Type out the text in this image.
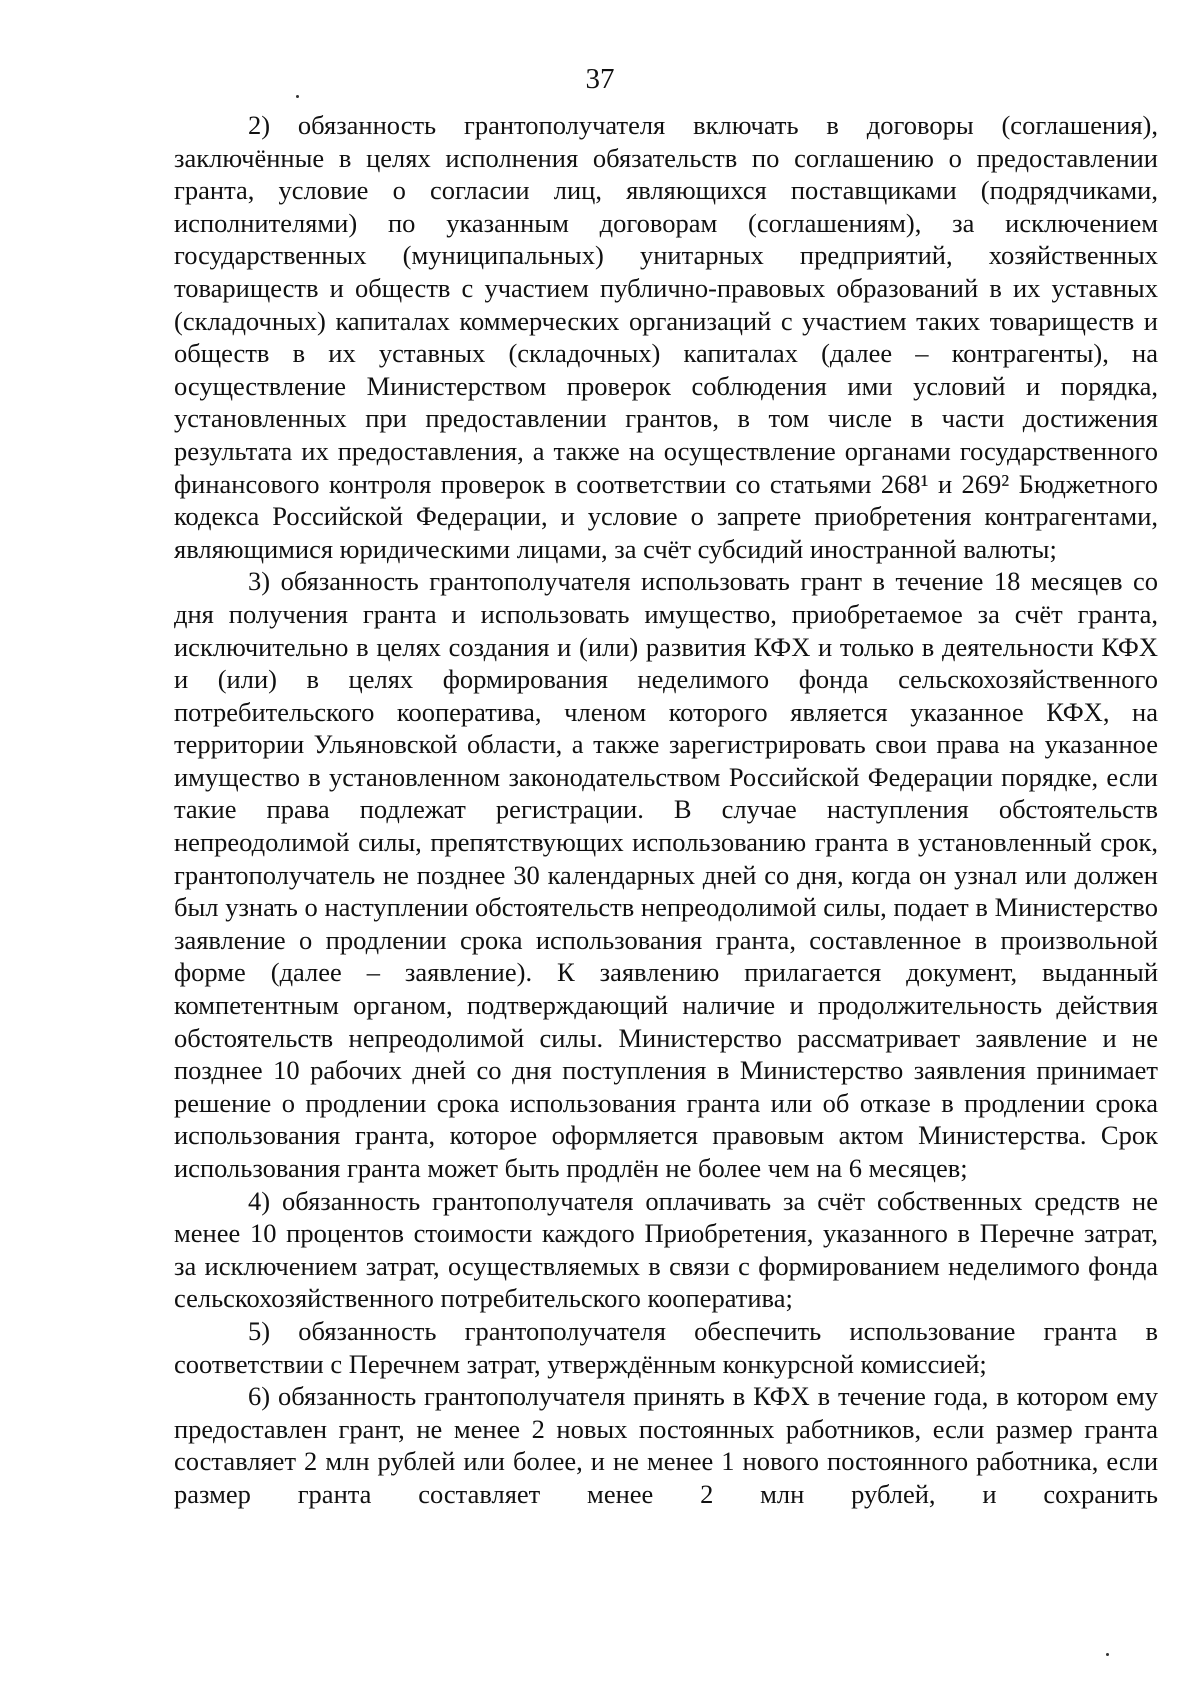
37

2) обязанность грантополучателя включать в договоры (соглашения), заключённые в целях исполнения обязательств по соглашению о предоставлении гранта, условие о согласии лиц, являющихся поставщиками (подрядчиками, исполнителями) по указанным договорам (соглашениям), за исключением государственных (муниципальных) унитарных предприятий, хозяйственных товариществ и обществ с участием публично-правовых образований в их уставных (складочных) капиталах коммерческих организаций с участием таких товариществ и обществ в их уставных (складочных) капиталах (далее – контрагенты), на осуществление Министерством проверок соблюдения ими условий и порядка, установленных при предоставлении грантов, в том числе в части достижения результата их предоставления, а также на осуществление органами государственного финансового контроля проверок в соответствии со статьями 268¹ и 269² Бюджетного кодекса Российской Федерации, и условие о запрете приобретения контрагентами, являющимися юридическими лицами, за счёт субсидий иностранной валюты;

3) обязанность грантополучателя использовать грант в течение 18 месяцев со дня получения гранта и использовать имущество, приобретаемое за счёт гранта, исключительно в целях создания и (или) развития КФХ и только в деятельности КФХ и (или) в целях формирования неделимого фонда сельскохозяйственного потребительского кооператива, членом которого является указанное КФХ, на территории Ульяновской области, а также зарегистрировать свои права на указанное имущество в установленном законодательством Российской Федерации порядке, если такие права подлежат регистрации. В случае наступления обстоятельств непреодолимой силы, препятствующих использованию гранта в установленный срок, грантополучатель не позднее 30 календарных дней со дня, когда он узнал или должен был узнать о наступлении обстоятельств непреодолимой силы, подает в Министерство заявление о продлении срока использования гранта, составленное в произвольной форме (далее – заявление). К заявлению прилагается документ, выданный компетентным органом, подтверждающий наличие и продолжительность действия обстоятельств непреодолимой силы. Министерство рассматривает заявление и не позднее 10 рабочих дней со дня поступления в Министерство заявления принимает решение о продлении срока использования гранта или об отказе в продлении срока использования гранта, которое оформляется правовым актом Министерства. Срок использования гранта может быть продлён не более чем на 6 месяцев;

4) обязанность грантополучателя оплачивать за счёт собственных средств не менее 10 процентов стоимости каждого Приобретения, указанного в Перечне затрат, за исключением затрат, осуществляемых в связи с формированием неделимого фонда сельскохозяйственного потребительского кооператива;

5) обязанность грантополучателя обеспечить использование гранта в соответствии с Перечнем затрат, утверждённым конкурсной комиссией;

6) обязанность грантополучателя принять в КФХ в течение года, в котором ему предоставлен грант, не менее 2 новых постоянных работников, если размер гранта составляет 2 млн рублей или более, и не менее 1 нового постоянного работника, если размер гранта составляет менее 2 млн рублей, и сохранить
